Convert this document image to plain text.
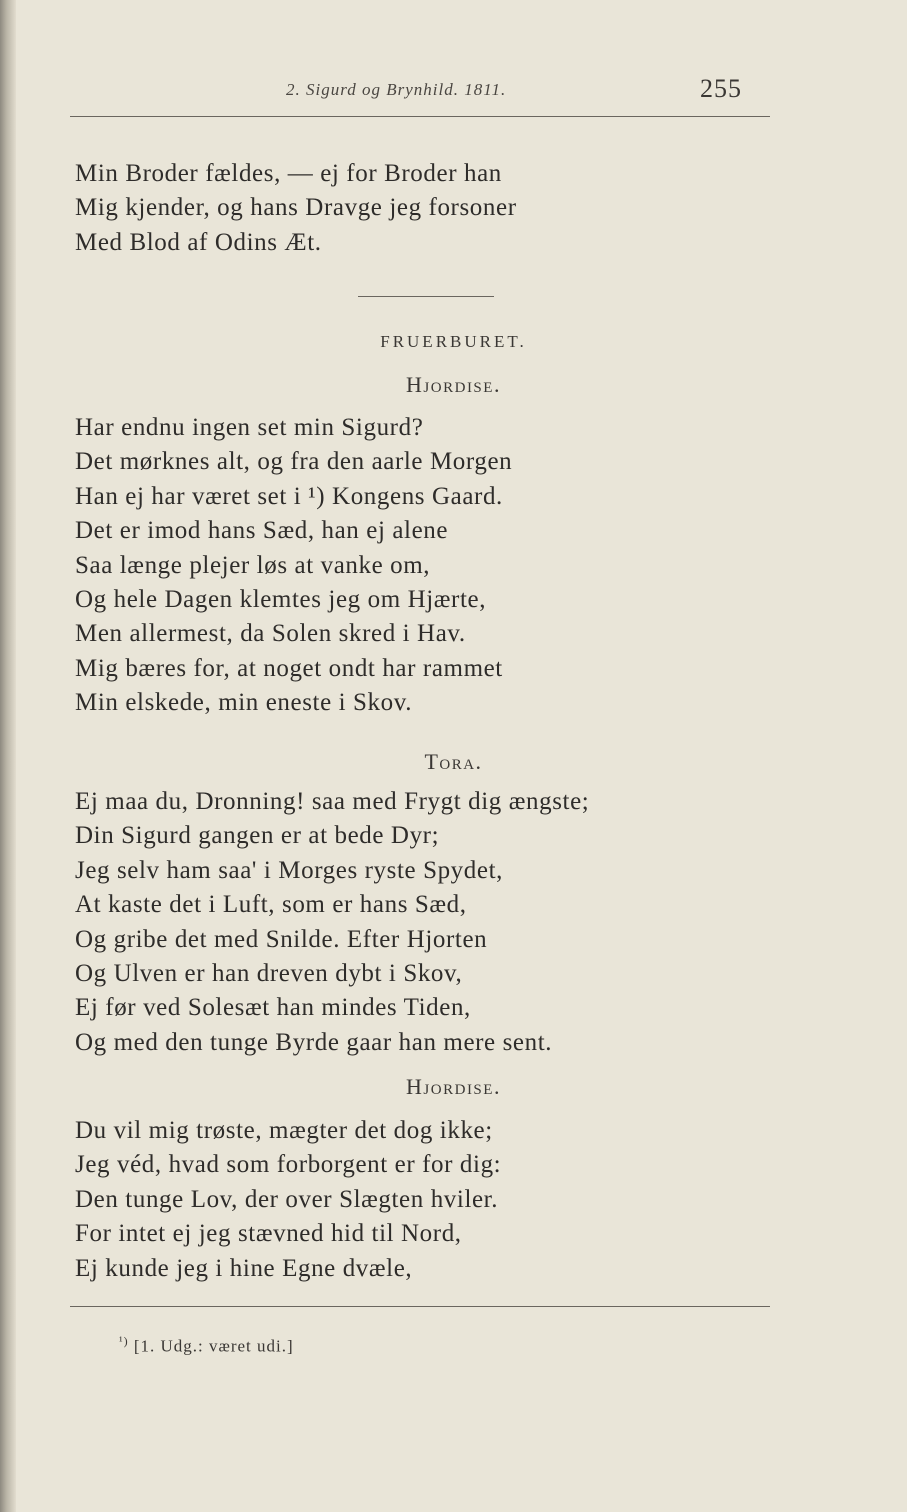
2. Sigurd og Brynhild. 1811.	255
Min Broder fældes, — ej for Broder han
Mig kjender, og hans Dravge jeg forsoner
Med Blod af Odins Æt.
FRUERBURET.
Hjordise.
Har endnu ingen set min Sigurd?
Det mørknes alt, og fra den aarle Morgen
Han ej har været set i ¹) Kongens Gaard.
Det er imod hans Sæd, han ej alene
Saa længe plejer løs at vanke om,
Og hele Dagen klemtes jeg om Hjærte,
Men allermest, da Solen skred i Hav.
Mig bæres for, at noget ondt har rammet
Min elskede, min eneste i Skov.
Tora.
Ej maa du, Dronning! saa med Frygt dig ængste;
Din Sigurd gangen er at bede Dyr;
Jeg selv ham saa' i Morges ryste Spydet,
At kaste det i Luft, som er hans Sæd,
Og gribe det med Snilde. Efter Hjorten
Og Ulven er han dreven dybt i Skov,
Ej før ved Solesæt han mindes Tiden,
Og med den tunge Byrde gaar han mere sent.
Hjordise.
Du vil mig trøste, mægter det dog ikke;
Jeg véd, hvad som forborgent er for dig:
Den tunge Lov, der over Slægten hviler.
For intet ej jeg stævned hid til Nord,
Ej kunde jeg i hine Egne dvæle,
$^{^1)}$ [1. Udg.: været udi.]
